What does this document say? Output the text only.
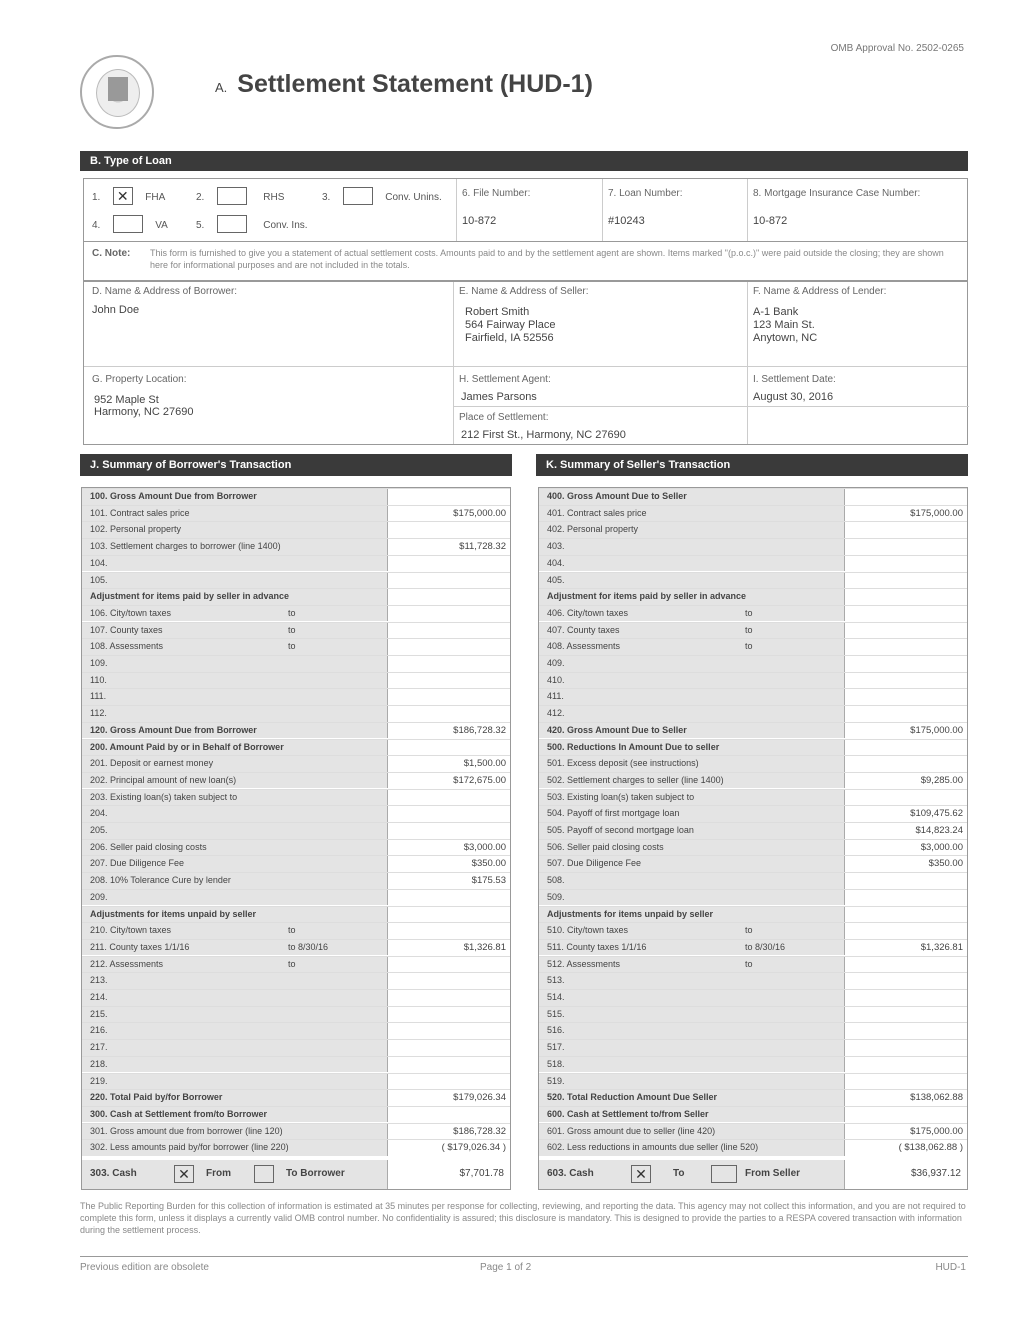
OMB Approval No. 2502-0265
A. Settlement Statement (HUD-1)
B. Type of Loan
1. ✕ FHA	2.	RHS	3.	Conv. Unins.
4.	VA	5.	Conv. Ins.
6. File Number:
10-872
7. Loan Number:
#10243
8. Mortgage Insurance Case Number:
10-872
C. Note: This form is furnished to give you a statement of actual settlement costs. Amounts paid to and by the settlement agent are shown. Items marked "(p.o.c.)" were paid outside the closing; they are shown here for informational purposes and are not included in the totals.
D. Name & Address of Borrower:
John Doe
E. Name & Address of Seller:
Robert Smith
564 Fairway Place
Fairfield, IA 52556
F. Name & Address of Lender:
A-1 Bank
123 Main St.
Anytown, NC
G. Property Location:
952 Maple St
Harmony, NC 27690
H. Settlement Agent:
James Parsons
Place of Settlement:
212 First St., Harmony, NC 27690
I. Settlement Date:
August 30, 2016
J. Summary of Borrower's Transaction	K. Summary of Seller's Transaction
100. Gross Amount Due from Borrower
101. Contract sales price	$175,000.00
102. Personal property
103. Settlement charges to borrower (line 1400)	$11,728.32
104.
105.
Adjustment for items paid by seller in advance
106. City/town taxes	to
107. County taxes	to
108. Assessments	to
109.
110.
111.
112.
120. Gross Amount Due from Borrower	$186,728.32
200. Amount Paid by or in Behalf of Borrower
201. Deposit or earnest money	$1,500.00
202. Principal amount of new loan(s)	$172,675.00
203. Existing loan(s) taken subject to
204.
205.
206. Seller paid closing costs	$3,000.00
207. Due Diligence Fee	$350.00
208. 10% Tolerance Cure by lender	$175.53
209.
Adjustments for items unpaid by seller
210. City/town taxes	to
211. County taxes 1/1/16	to 8/30/16	$1,326.81
212. Assessments	to
213.
214.
215.
216.
217.
218.
219.
220. Total Paid by/for Borrower	$179,026.34
300. Cash at Settlement from/to Borrower
301. Gross amount due from borrower (line 120)	$186,728.32
302. Less amounts paid by/for borrower (line 220)	( $179,026.34 )
400. Gross Amount Due to Seller
401. Contract sales price	$175,000.00
402. Personal property
403.
404.
405.
Adjustment for items paid by seller in advance
406. City/town taxes	to
407. County taxes	to
408. Assessments	to
409.
410.
411.
412.
420. Gross Amount Due to Seller	$175,000.00
500. Reductions In Amount Due to seller
501. Excess deposit (see instructions)
502. Settlement charges to seller (line 1400)	$9,285.00
503. Existing loan(s) taken subject to
504. Payoff of first mortgage loan	$109,475.62
505. Payoff of second mortgage loan	$14,823.24
506. Seller paid closing costs	$3,000.00
507. Due Diligence Fee	$350.00
508.
509.
Adjustments for items unpaid by seller
510. City/town taxes	to
511. County taxes 1/1/16	to 8/30/16	$1,326.81
512. Assessments	to
513.
514.
515.
516.
517.
518.
519.
520. Total Reduction Amount Due Seller	$138,062.88
600. Cash at Settlement to/from Seller
601. Gross amount due to seller (line 420)	$175,000.00
602. Less reductions in amounts due seller (line 520)	( $138,062.88 )
303. Cash	✕	From	To Borrower	$7,701.78	603. Cash	✕	To	From Seller	$36,937.12
The Public Reporting Burden for this collection of information is estimated at 35 minutes per response for collecting, reviewing, and reporting the data. This agency may not collect this information, and you are not required to complete this form, unless it displays a currently valid OMB control number. No confidentiality is assured; this disclosure is mandatory. This is designed to provide the parties to a RESPA covered transaction with information during the settlement process.
Previous edition are obsolete	Page 1 of 2	HUD-1
